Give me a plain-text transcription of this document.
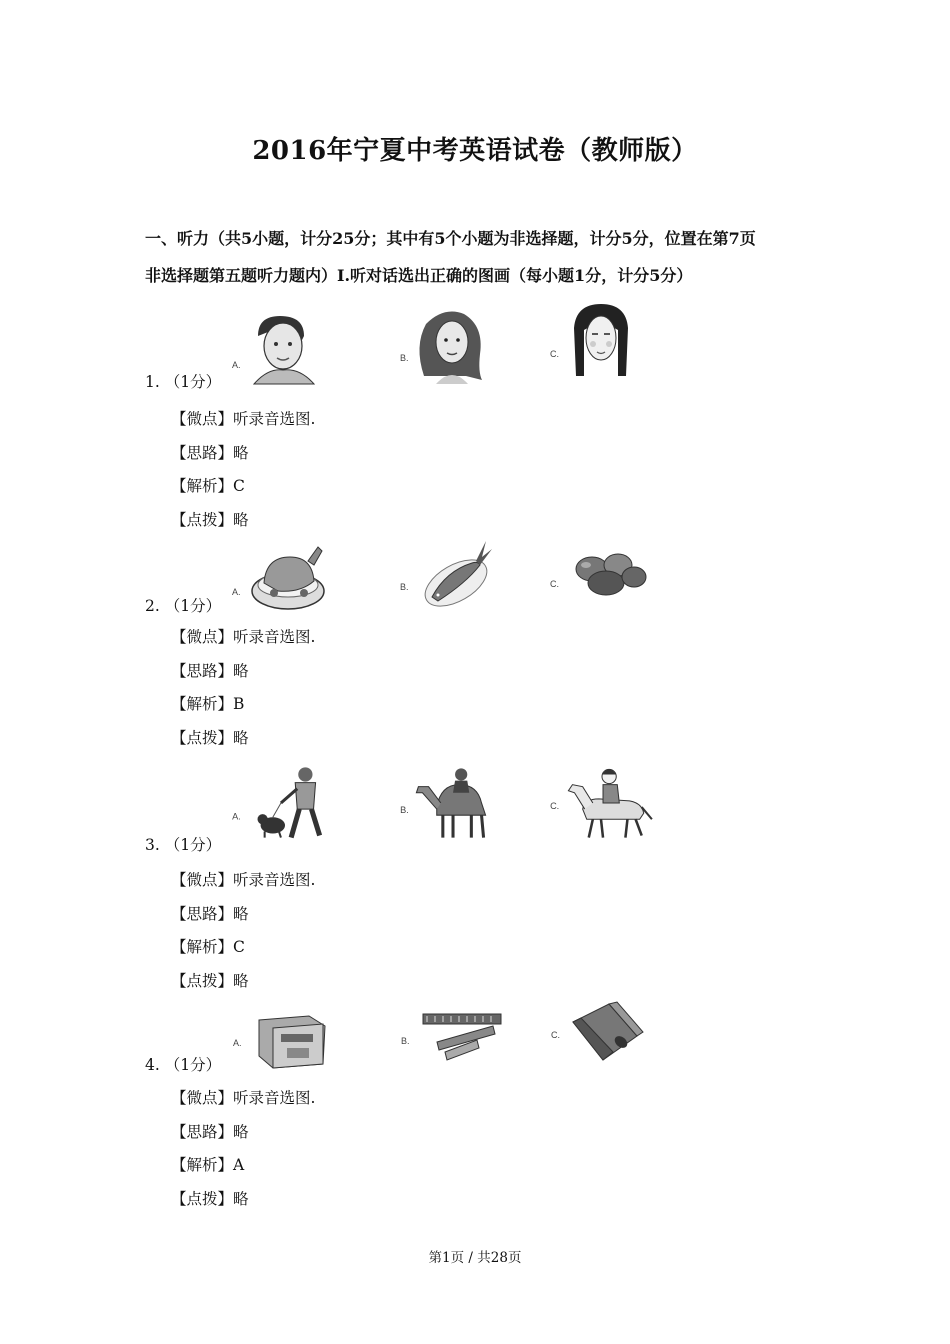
2016年宁夏中考英语试卷（教师版）
一、听力（共5小题，计分25分；其中有5个小题为非选择题，计分5分，位置在第7页
非选择题第五题听力题内）Ⅰ.听对话选出正确的图画（每小题1分，计分5分）
A.
B.	C.
1. （1分）
【微点】听录音选图.
【思路】略
【解析】C
【点拨】略
A.	B.	C.
2. （1分）
【微点】听录音选图.
【思路】略
【解析】B
【点拨】略
A.
B.	C.
3. （1分）
【微点】听录音选图.
【思路】略
【解析】C
【点拨】略
A.	B.
C.
4. （1分）
【微点】听录音选图.
【思路】略
【解析】A
【点拨】略
第1页 / 共28页
